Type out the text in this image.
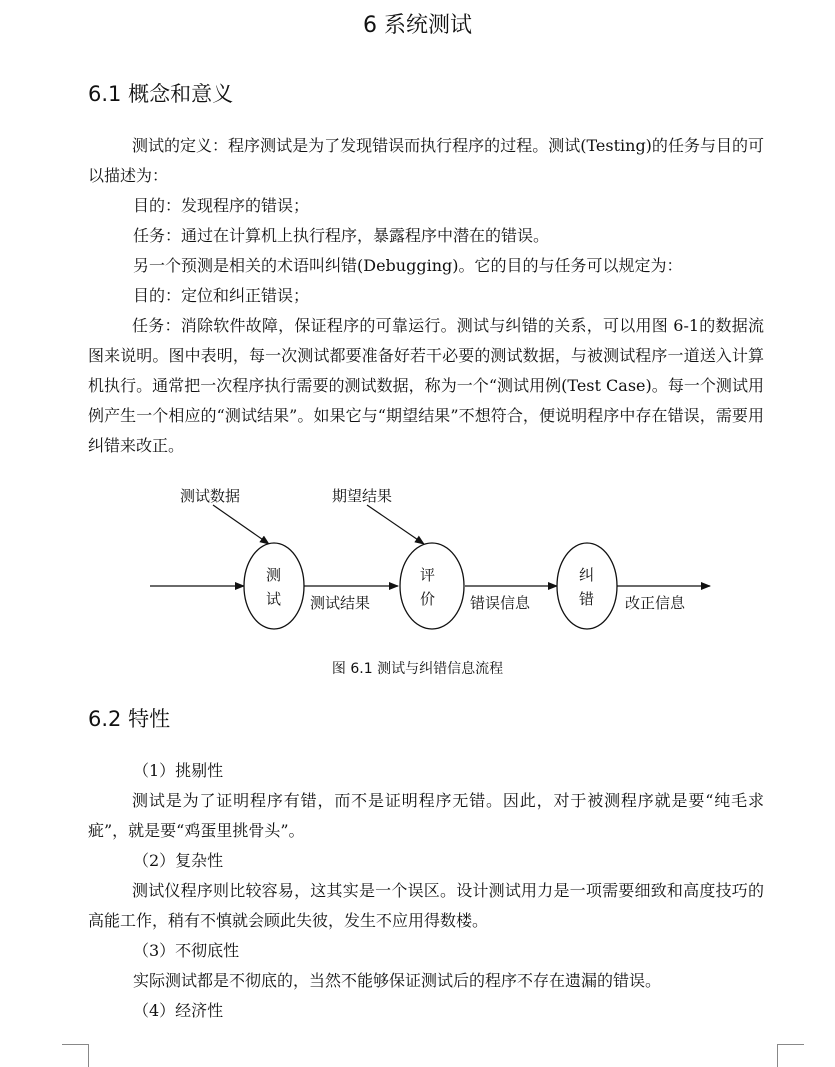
6 系统测试
6.1 概念和意义

测试的定义：程序测试是为了发现错误而执行程序的过程。测试(Testing)的任务与目的可以描述为：

目的：发现程序的错误；
任务：通过在计算机上执行程序，暴露程序中潜在的错误。
另一个预测是相关的术语叫纠错(Debugging)。它的目的与任务可以规定为：
目的：定位和纠正错误；

任务：消除软件故障，保证程序的可靠运行。测试与纠错的关系，可以用图 6-1的数据流图来说明。图中表明，每一次测试都要准备好若干必要的测试数据，与被测试程序一道送入计算机执行。通常把一次程序执行需要的测试数据，称为一个“测试用例(Test Case)。每一个测试用例产生一个相应的“测试结果”。如果它与“期望结果”不想符合，便说明程序中存在错误，需要用纠错来改正。

测试数据	期望结果
测
试
评
价
纠
错
测试结果	错误信息	改正信息
图 6.1 测试与纠错信息流程
6.2 特性
（1）挑剔性

测试是为了证明程序有错，而不是证明程序无错。因此，对于被测程序就是要“纯毛求疵”，就是要“鸡蛋里挑骨头”。

（2）复杂性

测试仪程序则比较容易，这其实是一个误区。设计测试用力是一项需要细致和高度技巧的高能工作，稍有不慎就会顾此失彼，发生不应用得数楼。

（3）不彻底性
实际测试都是不彻底的，当然不能够保证测试后的程序不存在遗漏的错误。
（4）经济性
